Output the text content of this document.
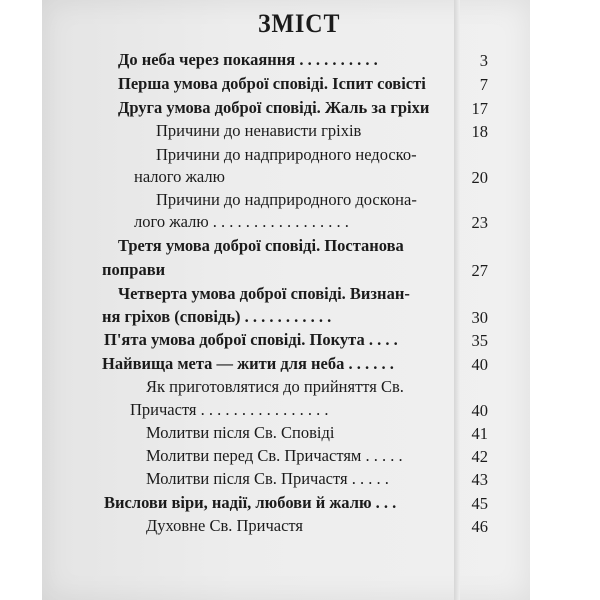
ЗМІСТ
До неба через покаяння . . . . . . . . . .	3
Перша умова доброї сповіді. Іспит совісті	7
Друга умова доброї сповіді. Жаль за гріхи	17
Причини до ненависти гріхів	18
Причини до надприродного недоско-
налого жалю	20
Причини до надприродного доскона-
лого жалю . . . . . . . . . . . . . . . . .	23
Третя умова доброї сповіді. Постанова
поправи	27
Четверта умова доброї сповіді. Визнан-
ня гріхов (сповідь) . . . . . . . . . . .	30
П'ята умова доброї сповіді. Покута . . . .	35
Найвища мета — жити для неба . . . . . .	40
Як приготовлятися до прийняття Св.
Причастя . . . . . . . . . . . . . . . .	40
Молитви після Св. Сповіді	41
Молитви перед Св. Причастям . . . . .	42
Молитви після Св. Причастя . . . . .	43
Вислови віри, надії, любови й жалю . . .	45
Духовне Св. Причастя	46
